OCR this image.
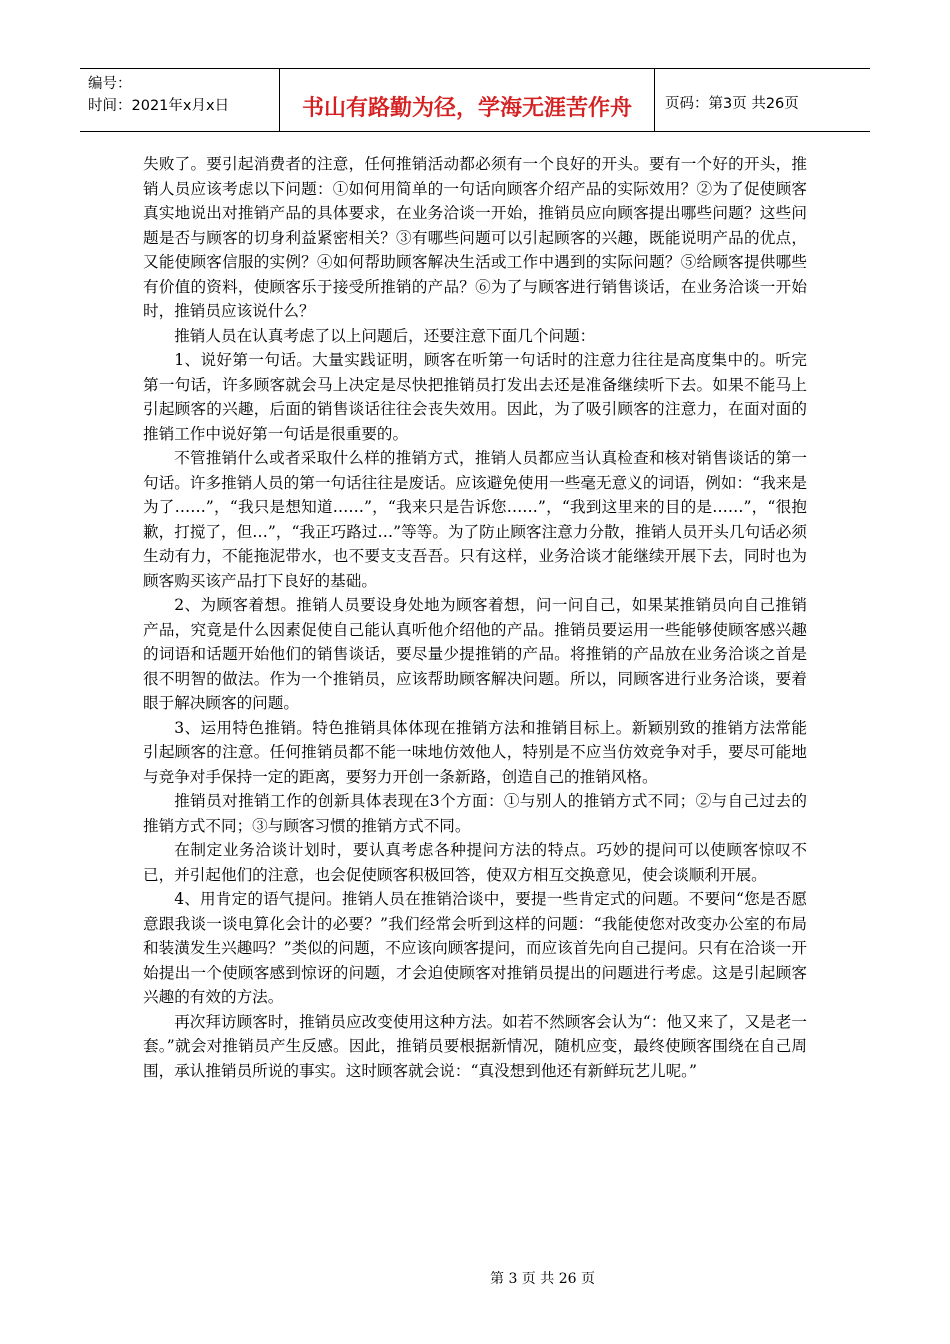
编号：
时间：2021年x月x日	书山有路勤为径，学海无涯苦作舟	页码：第3页 共26页

失败了。要引起消费者的注意，任何推销活动都必须有一个良好的开头。要有一个好的开头，推销人员应该考虑以下问题：①如何用简单的一句话向顾客介绍产品的实际效用？②为了促使顾客真实地说出对推销产品的具体要求，在业务洽谈一开始，推销员应向顾客提出哪些问题？这些问题是否与顾客的切身利益紧密相关？③有哪些问题可以引起顾客的兴趣，既能说明产品的优点，又能使顾客信服的实例？④如何帮助顾客解决生活或工作中遇到的实际问题？⑤给顾客提供哪些有价值的资料，使顾客乐于接受所推销的产品？⑥为了与顾客进行销售谈话，在业务洽谈一开始时，推销员应该说什么？

推销人员在认真考虑了以上问题后，还要注意下面几个问题：

1、说好第一句话。大量实践证明，顾客在听第一句话时的注意力往往是高度集中的。听完第一句话，许多顾客就会马上决定是尽快把推销员打发出去还是准备继续听下去。如果不能马上引起顾客的兴趣，后面的销售谈话往往会丧失效用。因此，为了吸引顾客的注意力，在面对面的推销工作中说好第一句话是很重要的。

不管推销什么或者采取什么样的推销方式，推销人员都应当认真检查和核对销售谈话的第一句话。许多推销人员的第一句话往往是废话。应该避免使用一些毫无意义的词语，例如：“我来是为了……”，“我只是想知道……”，“我来只是告诉您……”，“我到这里来的目的是……”，“很抱歉，打搅了，但…”，“我正巧路过…”等等。为了防止顾客注意力分散，推销人员开头几句话必须生动有力，不能拖泥带水，也不要支支吾吾。只有这样，业务洽谈才能继续开展下去，同时也为顾客购买该产品打下良好的基础。

2、为顾客着想。推销人员要设身处地为顾客着想，问一问自己，如果某推销员向自己推销产品，究竟是什么因素促使自己能认真听他介绍他的产品。推销员要运用一些能够使顾客感兴趣的词语和话题开始他们的销售谈话，要尽量少提推销的产品。将推销的产品放在业务洽谈之首是很不明智的做法。作为一个推销员，应该帮助顾客解决问题。所以，同顾客进行业务洽谈，要着眼于解决顾客的问题。

3、运用特色推销。特色推销具体体现在推销方法和推销目标上。新颖别致的推销方法常能引起顾客的注意。任何推销员都不能一味地仿效他人，特别是不应当仿效竞争对手，要尽可能地与竞争对手保持一定的距离，要努力开创一条新路，创造自己的推销风格。

推销员对推销工作的创新具体表现在3个方面：①与别人的推销方式不同；②与自己过去的推销方式不同；③与顾客习惯的推销方式不同。

在制定业务洽谈计划时，要认真考虑各种提问方法的特点。巧妙的提问可以使顾客惊叹不已，并引起他们的注意，也会促使顾客积极回答，使双方相互交换意见，使会谈顺利开展。

4、用肯定的语气提问。推销人员在推销洽谈中，要提一些肯定式的问题。不要问“您是否愿意跟我谈一谈电算化会计的必要？”我们经常会听到这样的问题：“我能使您对改变办公室的布局和装潢发生兴趣吗？”类似的问题，不应该向顾客提问，而应该首先向自己提问。只有在洽谈一开始提出一个使顾客感到惊讶的问题，才会迫使顾客对推销员提出的问题进行考虑。这是引起顾客兴趣的有效的方法。

再次拜访顾客时，推销员应改变使用这种方法。如若不然顾客会认为“：他又来了，又是老一套。”就会对推销员产生反感。因此，推销员要根据新情况，随机应变，最终使顾客围绕在自己周围，承认推销员所说的事实。这时顾客就会说：“真没想到他还有新鲜玩艺儿呢。”

第 3 页 共 26 页
